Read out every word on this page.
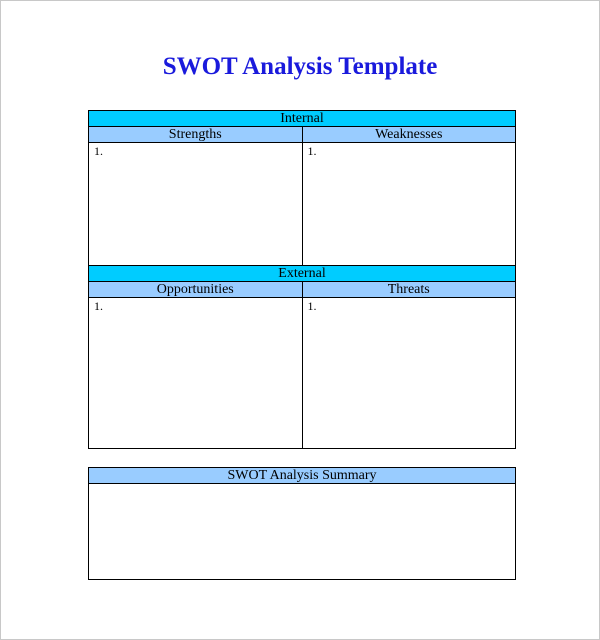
SWOT Analysis Template
Internal	
Strengths	Weaknesses
1.	1.
External	
Opportunities	Threats
1.	1.
SWOT Analysis Summary
